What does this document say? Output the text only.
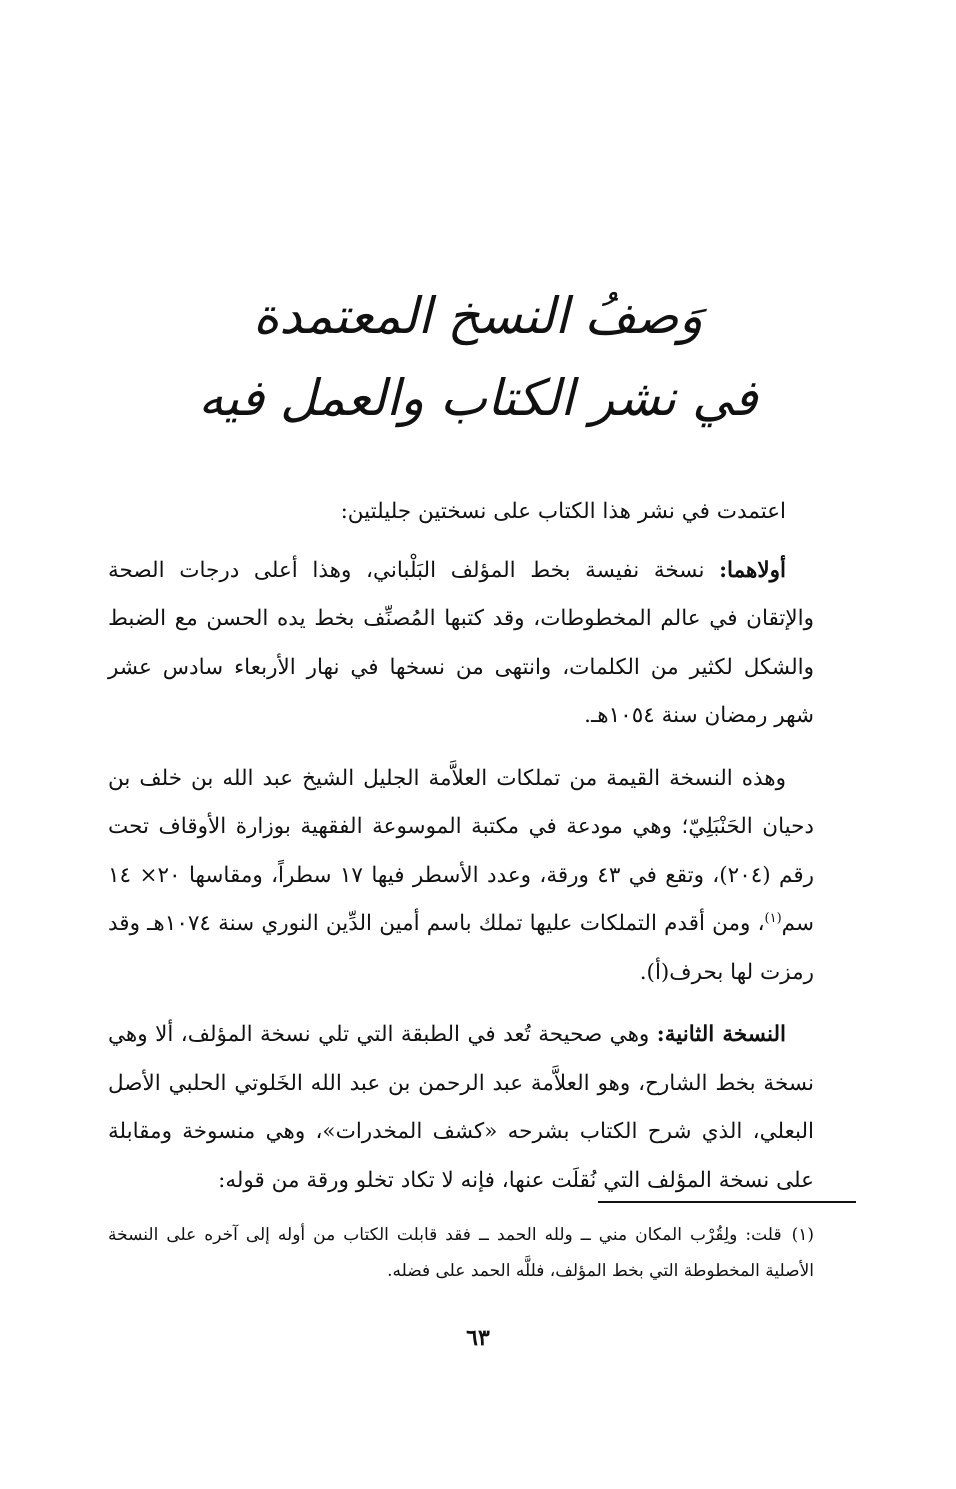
وَصفُ النسخ المعتمدة
في نشر الكتاب والعمل فيه

اعتمدت في نشر هذا الكتاب على نسختين جليلتين:

أولاهما: نسخة نفيسة بخط المؤلف البَلْباني، وهذا أعلى درجات الصحة والإتقان في عالم المخطوطات، وقد كتبها المُصنِّف بخط يده الحسن مع الضبط والشكل لكثير من الكلمات، وانتهى من نسخها في نهار الأربعاء سادس عشر شهر رمضان سنة ١٠٥٤هـ.

وهذه النسخة القيمة من تملكات العلاَّمة الجليل الشيخ عبد الله بن خلف بن دحيان الحَنْبَلِيّ؛ وهي مودعة في مكتبة الموسوعة الفقهية بوزارة الأوقاف تحت رقم (٢٠٤)، وتقع في ٤٣ ورقة، وعدد الأسطر فيها ١٧ سطراً، ومقاسها ٢٠× ١٤ سم$^{(١)}$، ومن أقدم التملكات عليها تملك باسم أمين الدِّين النوري سنة ١٠٧٤هـ وقد رمزت لها بحرف(أ).

النسخة الثانية: وهي صحيحة تُعد في الطبقة التي تلي نسخة المؤلف، ألا وهي نسخة بخط الشارح، وهو العلاَّمة عبد الرحمن بن عبد الله الخَلوتي الحلبي الأصل البعلي، الذي شرح الكتاب بشرحه «كشف المخدرات»، وهي منسوخة ومقابلة على نسخة المؤلف التي نُقلَت عنها، فإنه لا تكاد تخلو ورقة من قوله:

(١)قلت: ولِقُرْب المكان مني ــ ولله الحمد ــ فقد قابلت الكتاب من أوله إلى آخره على النسخة الأصلية المخطوطة التي بخط المؤلف، فللَّه الحمد على فضله.

٦٣
